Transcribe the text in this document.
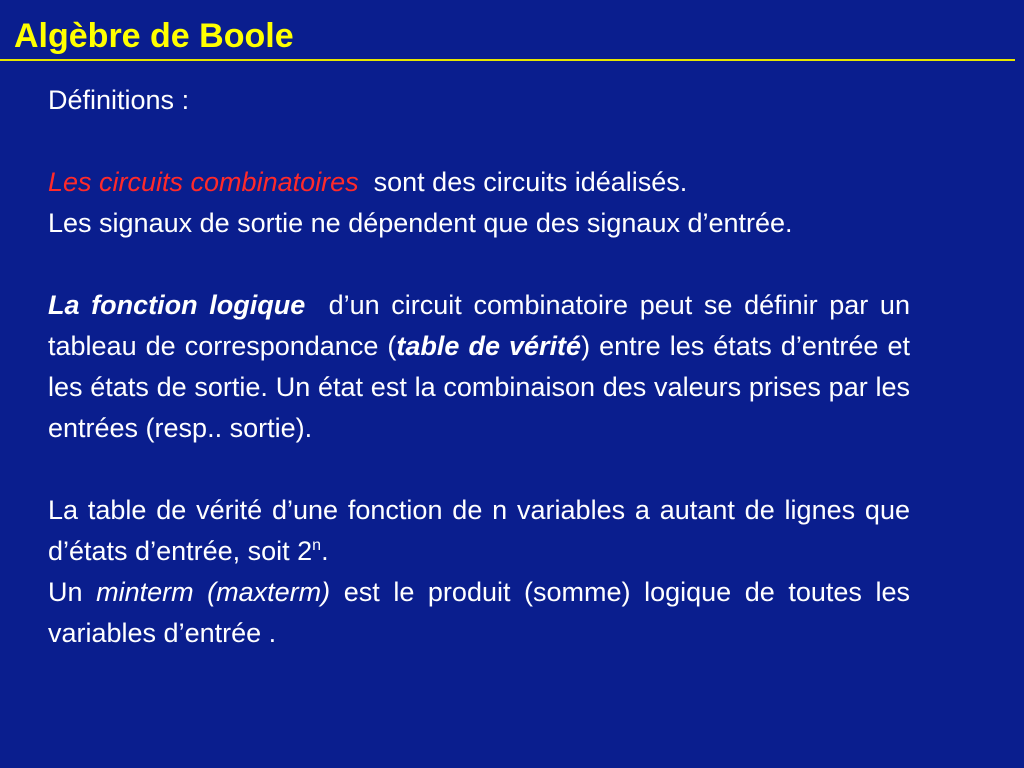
Algèbre de Boole

Définitions :

Les circuits combinatoires sont des circuits idéalisés.

Les signaux de sortie ne dépendent que des signaux d’entrée.

La fonction logique d’un circuit combinatoire peut se définir par un tableau de correspondance (table de vérité) entre les états d’entrée et les états de sortie. Un état est la combinaison des valeurs prises par les entrées (resp.. sortie).

La table de vérité d’une fonction de n variables a autant de lignes que d’états d’entrée, soit 2$^n$.

Un minterm (maxterm) est le produit (somme) logique de toutes les variables d’entrée .
